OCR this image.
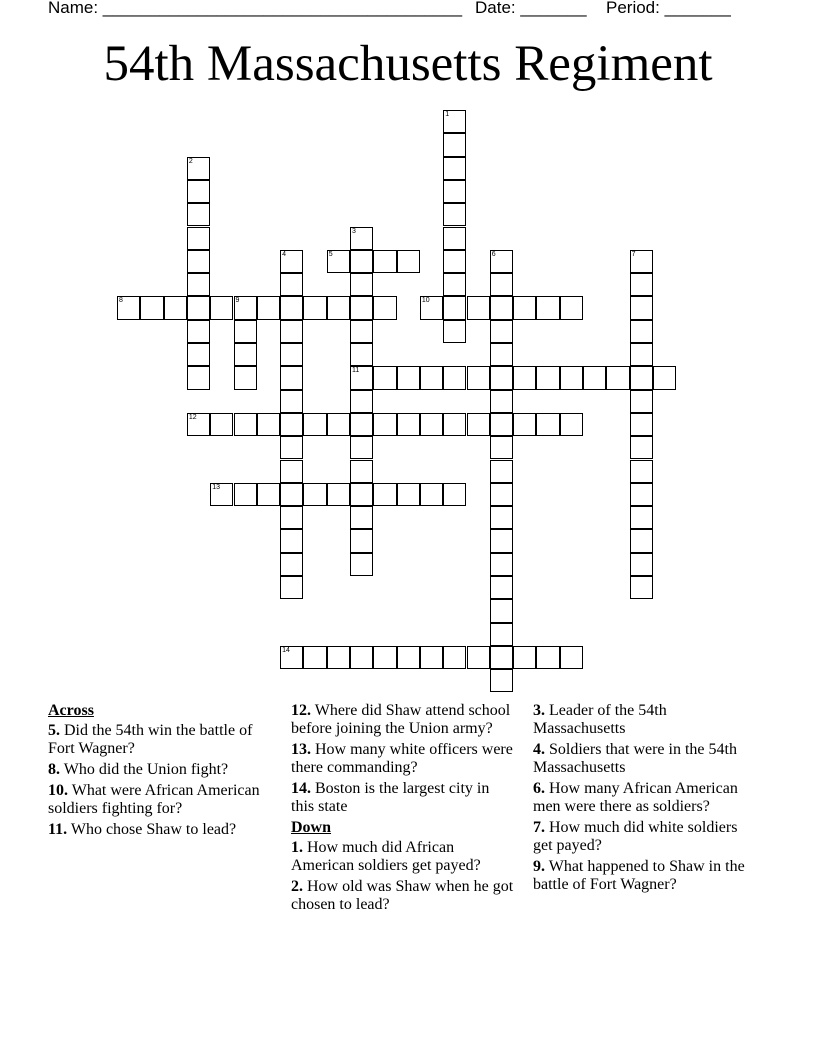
Name: ______________________________________ Date: _______ Period: _______
54th Massachusetts Regiment
1
2
3
11
4	5	6	7
8	9	10
12
13
14
Across
5. Did the 54th win the battle of Fort Wagner?
8. Who did the Union fight?
10. What were African American soldiers fighting for?
11. Who chose Shaw to lead?
12. Where did Shaw attend school before joining the Union army?
13. How many white officers were there commanding?
14. Boston is the largest city in this state
Down
1. How much did African American soldiers get payed?
2. How old was Shaw when he got chosen to lead?
3. Leader of the 54th Massachusetts
4. Soldiers that were in the 54th Massachusetts
6. How many African American men were there as soldiers?
7. How much did white soldiers get payed?
9. What happened to Shaw in the battle of Fort Wagner?
